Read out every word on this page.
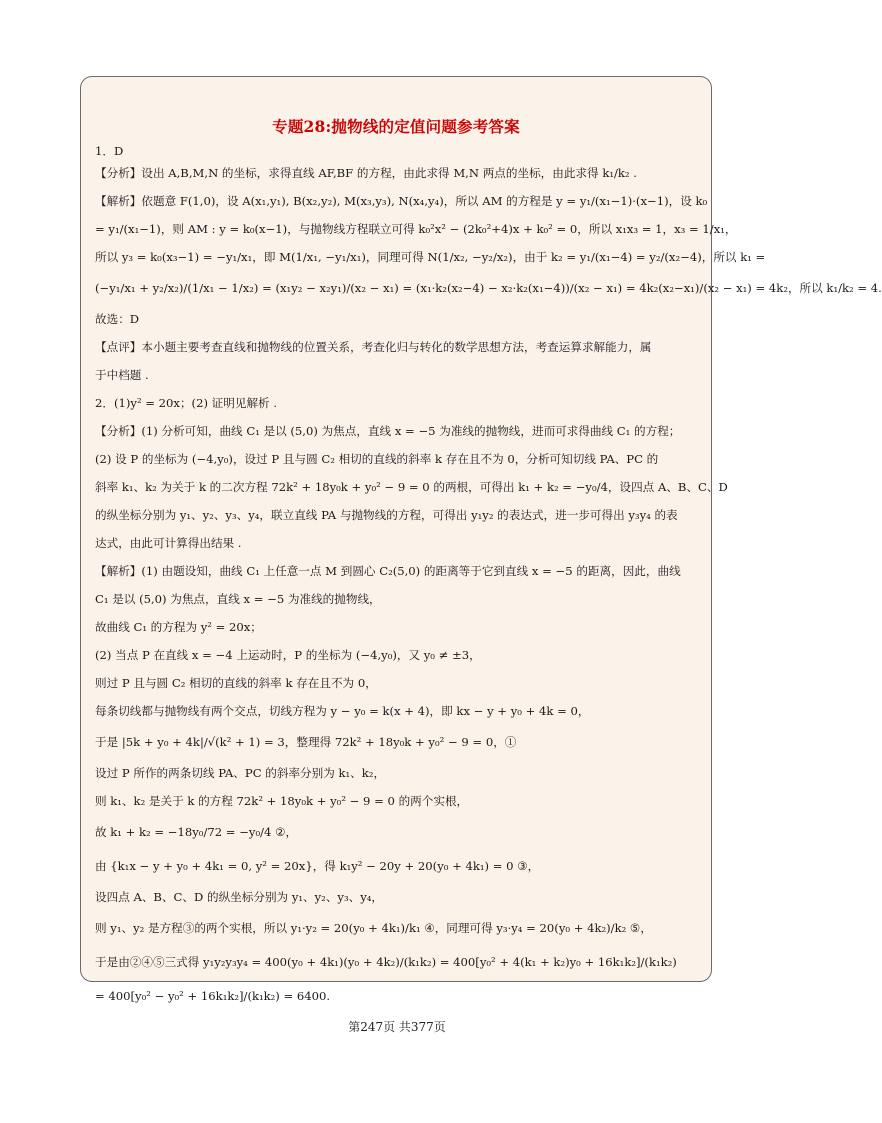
专题28:抛物线的定值问题参考答案
1．D
【分析】设出 A,B,M,N 的坐标，求得直线 AF,BF 的方程，由此求得 M,N 两点的坐标，由此求得 k₁/k₂ .
【解析】依题意 F(1,0)，设 A(x₁,y₁), B(x₂,y₂), M(x₃,y₃), N(x₄,y₄)，所以 AM 的方程是 y = y₁/(x₁−1)·(x−1)，设 k₀
= y₁/(x₁−1)，则 AM : y = k₀(x−1)，与抛物线方程联立可得 k₀²x² − (2k₀²+4)x + k₀² = 0，所以 x₁x₃ = 1，x₃ = 1/x₁，
所以 y₃ = k₀(x₃−1) = −y₁/x₁，即 M(1/x₁, −y₁/x₁)，同理可得 N(1/x₂, −y₂/x₂)，由于 k₂ = y₁/(x₁−4) = y₂/(x₂−4)，所以 k₁ =
(−y₁/x₁ + y₂/x₂)/(1/x₁ − 1/x₂) = (x₁y₂ − x₂y₁)/(x₂ − x₁) = (x₁·k₂(x₂−4) − x₂·k₂(x₁−4))/(x₂ − x₁) = 4k₂(x₂−x₁)/(x₂ − x₁) = 4k₂，所以 k₁/k₂ = 4.
故选：D
【点评】本小题主要考查直线和抛物线的位置关系，考查化归与转化的数学思想方法，考查运算求解能力，属
于中档题 .
2．(1)y² = 20x；(2) 证明见解析 .
【分析】(1) 分析可知，曲线 C₁ 是以 (5,0) 为焦点，直线 x = −5 为准线的抛物线，进而可求得曲线 C₁ 的方程；
(2) 设 P 的坐标为 (−4,y₀)，设过 P 且与圆 C₂ 相切的直线的斜率 k 存在且不为 0，分析可知切线 PA、PC 的
斜率 k₁、k₂ 为关于 k 的二次方程 72k² + 18y₀k + y₀² − 9 = 0 的两根，可得出 k₁ + k₂ = −y₀/4，设四点 A、B、C、D
的纵坐标分别为 y₁、y₂、y₃、y₄，联立直线 PA 与抛物线的方程，可得出 y₁y₂ 的表达式，进一步可得出 y₃y₄ 的表
达式，由此可计算得出结果 .
【解析】(1) 由题设知，曲线 C₁ 上任意一点 M 到圆心 C₂(5,0) 的距离等于它到直线 x = −5 的距离，因此，曲线
C₁ 是以 (5,0) 为焦点，直线 x = −5 为准线的抛物线，
故曲线 C₁ 的方程为 y² = 20x；
(2) 当点 P 在直线 x = −4 上运动时，P 的坐标为 (−4,y₀)，又 y₀ ≠ ±3，
则过 P 且与圆 C₂ 相切的直线的斜率 k 存在且不为 0，
每条切线都与抛物线有两个交点，切线方程为 y − y₀ = k(x + 4)，即 kx − y + y₀ + 4k = 0，
于是 |5k + y₀ + 4k|/√(k² + 1) = 3，整理得 72k² + 18y₀k + y₀² − 9 = 0，①
设过 P 所作的两条切线 PA、PC 的斜率分别为 k₁、k₂，
则 k₁、k₂ 是关于 k 的方程 72k² + 18y₀k + y₀² − 9 = 0 的两个实根，
故 k₁ + k₂ = −18y₀/72 = −y₀/4 ②，
由 {k₁x − y + y₀ + 4k₁ = 0, y² = 20x}，得 k₁y² − 20y + 20(y₀ + 4k₁) = 0 ③，
设四点 A、B、C、D 的纵坐标分别为 y₁、y₂、y₃、y₄，
则 y₁、y₂ 是方程③的两个实根，所以 y₁·y₂ = 20(y₀ + 4k₁)/k₁ ④，同理可得 y₃·y₄ = 20(y₀ + 4k₂)/k₂ ⑤，
于是由②④⑤三式得 y₁y₂y₃y₄ = 400(y₀ + 4k₁)(y₀ + 4k₂)/(k₁k₂) = 400[y₀² + 4(k₁ + k₂)y₀ + 16k₁k₂]/(k₁k₂)
= 400[y₀² − y₀² + 16k₁k₂]/(k₁k₂) = 6400.
第247页 共377页
